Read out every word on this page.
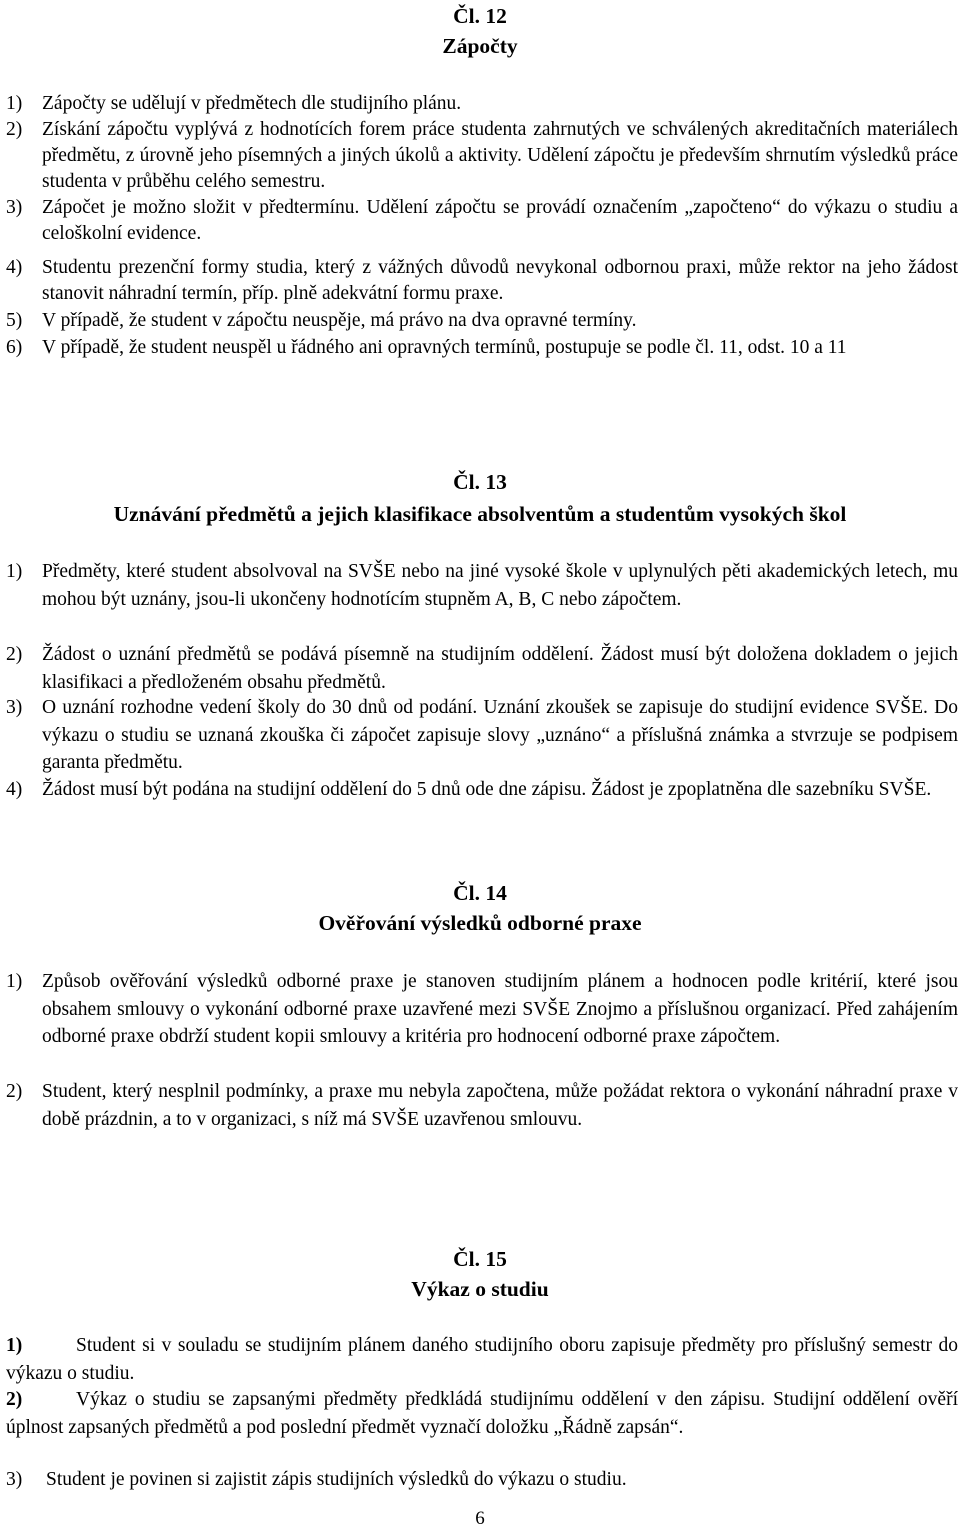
Čl. 12
Zápočty
1) Zápočty se udělují v předmětech dle studijního plánu.
2) Získání zápočtu vyplývá z hodnotících forem práce studenta zahrnutých ve schválených akreditačních materiálech předmětu, z úrovně jeho písemných a jiných úkolů a aktivity. Udělení zápočtu je především shrnutím výsledků práce studenta v průběhu celého semestru.
3) Zápočet je možno složit v předtermínu. Udělení zápočtu se provádí označením „započteno“ do výkazu o studiu a celoškolní evidence.
4) Studentu prezenční formy studia, který z vážných důvodů nevykonal odbornou praxi, může rektor na jeho žádost stanovit náhradní termín, příp. plně adekvátní formu praxe.
5) V případě, že student v zápočtu neuspěje, má právo na dva opravné termíny.
6) V případě, že student neuspěl u řádného ani opravných termínů, postupuje se podle čl. 11, odst. 10 a 11
Čl. 13
Uznávání předmětů a jejich klasifikace absolventům a studentům vysokých škol
1) Předměty, které student absolvoval na SVŠE nebo na jiné vysoké škole v uplynulých pěti akademických letech, mu mohou být uznány, jsou-li ukončeny hodnotícím stupněm A, B, C nebo zápočtem.
2) Žádost o uznání předmětů se podává písemně na studijním oddělení. Žádost musí být doložena dokladem o jejich klasifikaci a předloženém obsahu předmětů.
3) O uznání rozhodne vedení školy do 30 dnů od podání. Uznání zkoušek se zapisuje do studijní evidence SVŠE. Do výkazu o studiu se uznaná zkouška či zápočet zapisuje slovy „uznáno“ a příslušná známka a stvrzuje se podpisem garanta předmětu.
4) Žádost musí být podána na studijní oddělení do 5 dnů ode dne zápisu. Žádost je zpoplatněna dle sazebníku SVŠE.
Čl. 14
Ověřování výsledků odborné praxe
1) Způsob ověřování výsledků odborné praxe je stanoven studijním plánem a hodnocen podle kritérií, které jsou obsahem smlouvy o vykonání odborné praxe uzavřené mezi SVŠE Znojmo a příslušnou organizací. Před zahájením odborné praxe obdrží student kopii smlouvy a kritéria pro hodnocení odborné praxe zápočtem.
2) Student, který nesplnil podmínky, a praxe mu nebyla započtena, může požádat rektora o vykonání náhradní praxe v době prázdnin, a to v organizaci, s níž má SVŠE uzavřenou smlouvu.
Čl. 15
Výkaz o studiu
1)	Student si v souladu se studijním plánem daného studijního oboru zapisuje předměty pro příslušný semestr do výkazu o studiu.
2)	Výkaz o studiu se zapsanými předměty předkládá studijnímu oddělení v den zápisu. Studijní oddělení ověří úplnost zapsaných předmětů a pod poslední předmět vyznačí doložku „Řádně zapsán“.
3) Student je povinen si zajistit zápis studijních výsledků do výkazu o studiu.
6
